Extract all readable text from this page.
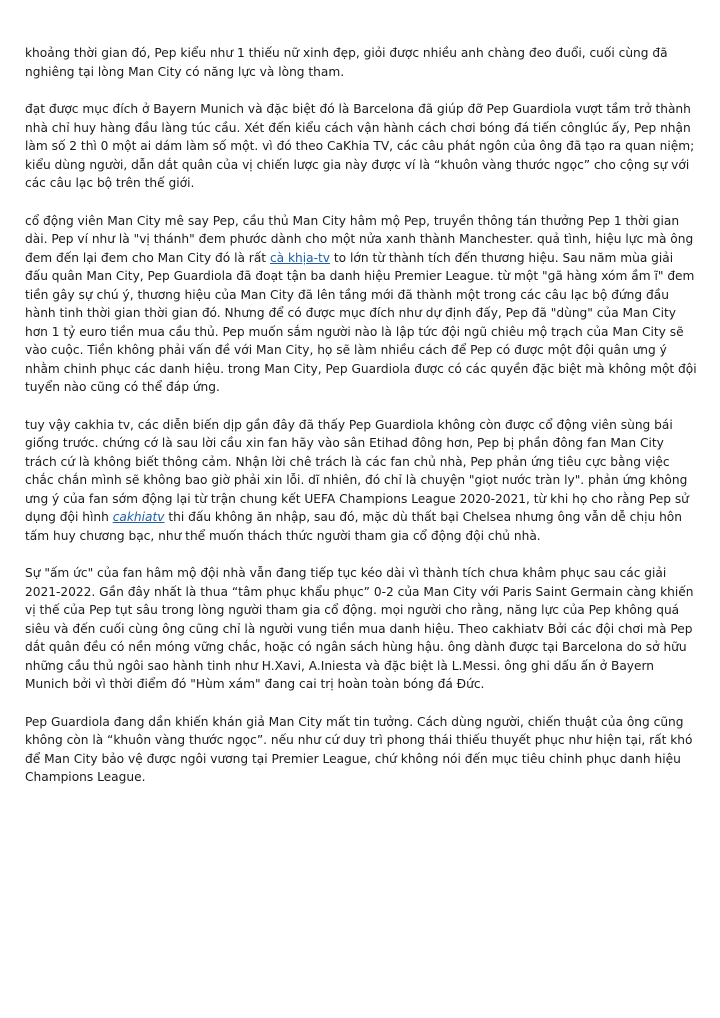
khoảng thời gian đó, Pep kiểu như 1 thiếu nữ xinh đẹp, giỏi được nhiều anh chàng đeo đuổi, cuối cùng đã nghiêng tại lòng Man City có năng lực và lòng tham.

đạt được mục đích ở Bayern Munich và đặc biệt đó là Barcelona đã giúp đỡ Pep Guardiola vượt tầm trở thành nhà chỉ huy hàng đầu làng túc cầu. Xét đến kiểu cách vận hành cách chơi bóng đá tiến cônglúc ấy, Pep nhận làm số 2 thì 0 một ai dám làm số một. vì đó theo CaKhia TV, các câu phát ngôn của ông đã tạo ra quan niệm; kiểu dùng người, dẫn dắt quân của vị chiến lược gia này được ví là “khuôn vàng thước ngọc” cho cộng sự với các câu lạc bộ trên thế giới.

cổ động viên Man City mê say Pep, cầu thủ Man City hâm mộ Pep, truyền thông tán thưởng Pep 1 thời gian dài. Pep ví như là "vị thánh" đem phước dành cho một nửa xanh thành Manchester. quả tình, hiệu lực mà ông đem đến lại đem cho Man City đó là rất cà khịa-tv to lớn từ thành tích đến thương hiệu. Sau năm mùa giải đấu quân Man City, Pep Guardiola đã đoạt tận ba danh hiệu Premier League. từ một "gã hàng xóm ầm ĩ" đem tiền gây sự chú ý, thương hiệu của Man City đã lên tầng mới đã thành một trong các câu lạc bộ đứng đầu hành tinh thời gian thời gian đó. Nhưng để có được mục đích như dự định đấy, Pep đã "dùng" của Man City hơn 1 tỷ euro tiền mua cầu thủ. Pep muốn sắm người nào là lập tức đội ngũ chiêu mộ trạch của Man City sẽ vào cuộc. Tiền không phải vấn đề với Man City, họ sẽ làm nhiều cách để Pep có được một đội quân ưng ý nhằm chinh phục các danh hiệu. trong Man City, Pep Guardiola được có các quyền đặc biệt mà không một đội tuyển nào cũng có thể đáp ứng.

tuy vậy cakhia tv, các diễn biến dịp gần đây đã thấy Pep Guardiola không còn được cổ động viên sùng bái giống trước. chứng cớ là sau lời cầu xin fan hãy vào sân Etihad đông hơn, Pep bị phần đông fan Man City trách cứ là không biết thông cảm. Nhận lời chê trách là các fan chủ nhà, Pep phản ứng tiêu cực bằng việc chắc chắn mình sẽ không bao giờ phải xin lỗi. dĩ nhiên, đó chỉ là chuyện "giọt nước tràn ly". phản ứng không ưng ý của fan sớm động lại từ trận chung kết UEFA Champions League 2020-2021, từ khi họ cho rằng Pep sử dụng đội hình cakhiatv thi đấu không ăn nhập, sau đó, mặc dù thất bại Chelsea nhưng ông vẫn dễ chịu hôn tấm huy chương bạc, như thể muốn thách thức người tham gia cổ động đội chủ nhà.

Sự "ấm ức" của fan hâm mộ đội nhà vẫn đang tiếp tục kéo dài vì thành tích chưa khâm phục sau các giải 2021-2022. Gần đây nhất là thua “tâm phục khẩu phục” 0-2 của Man City với Paris Saint Germain càng khiến vị thế của Pep tụt sâu trong lòng người tham gia cổ động. mọi người cho rằng, năng lực của Pep không quá siêu và đến cuối cùng ông cũng chỉ là người vung tiền mua danh hiệu. Theo cakhiatv Bởi các đội chơi mà Pep dắt quân đều có nền móng vững chắc, hoặc có ngân sách hùng hậu. ông dành được tại Barcelona do sở hữu những cầu thủ ngôi sao hành tinh như H.Xavi, A.Iniesta và đặc biệt là L.Messi. ông ghi dấu ấn ở Bayern Munich bởi vì thời điểm đó "Hùm xám" đang cai trị hoàn toàn bóng đá Đức.

Pep Guardiola đang dần khiến khán giả Man City mất tin tưởng. Cách dùng người, chiến thuật của ông cũng không còn là “khuôn vàng thước ngọc”. nếu như cứ duy trì phong thái thiếu thuyết phục như hiện tại, rất khó để Man City bảo vệ được ngôi vương tại Premier League, chứ không nói đến mục tiêu chinh phục danh hiệu Champions League.
